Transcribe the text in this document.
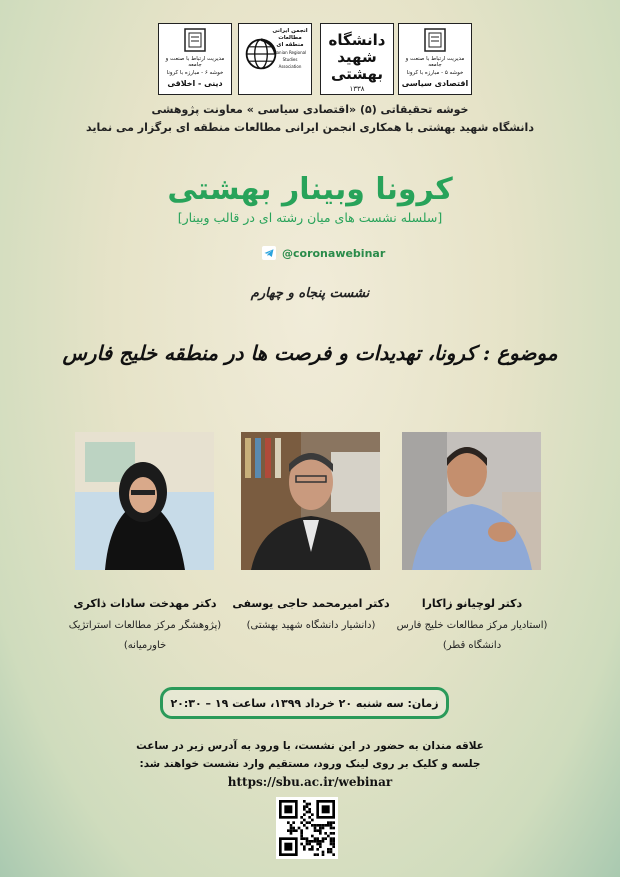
مدیریت ارتباط با صنعت و جامعه
خوشه ۶ - مبارزه با کرونا
دینی - اخلاقی
انجمن ایرانی
مطالعات
منطقه ای
Iranian Regional
Studies Association
دانشگاه شهید بهشتی
۱۳۳۸
مدیریت ارتباط با صنعت و جامعه
خوشه ۵ - مبارزه با کرونا
اقتصادی سیاسی
خوشه تحقیقاتی (۵) «اقتصادی سیاسی » معاونت پژوهشی
دانشگاه شهید بهشتی با همکاری انجمن ایرانی مطالعات منطقه ای برگزار می نماید
کرونا وبینار بهشتی
[سلسله نشست های میان رشته ای در قالب وبینار]
@coronawebinar
نشست پنجاه و چهارم
موضوع : کرونا، تهدیدات و فرصت ها در منطقه خلیج فارس
دکتر مهدخت سادات ذاکری
(پژوهشگر مرکز مطالعات استراتژیک
خاورمیانه)
دکتر امیرمحمد حاجی یوسفی
(دانشیار دانشگاه شهید بهشتی)
دکتر لوچیانو زاکارا
(استادیار مرکز مطالعات خلیج فارس
دانشگاه قطر)
زمان: سه شنبه ۲۰ خرداد ۱۳۹۹، ساعت ۱۹ – ۲۰:۳۰
علاقه مندان به حضور در این نشست، با ورود به آدرس زیر در ساعت
جلسه و کلیک بر روی لینک ورود، مستقیم وارد نشست خواهند شد:
https://sbu.ac.ir/webinar
